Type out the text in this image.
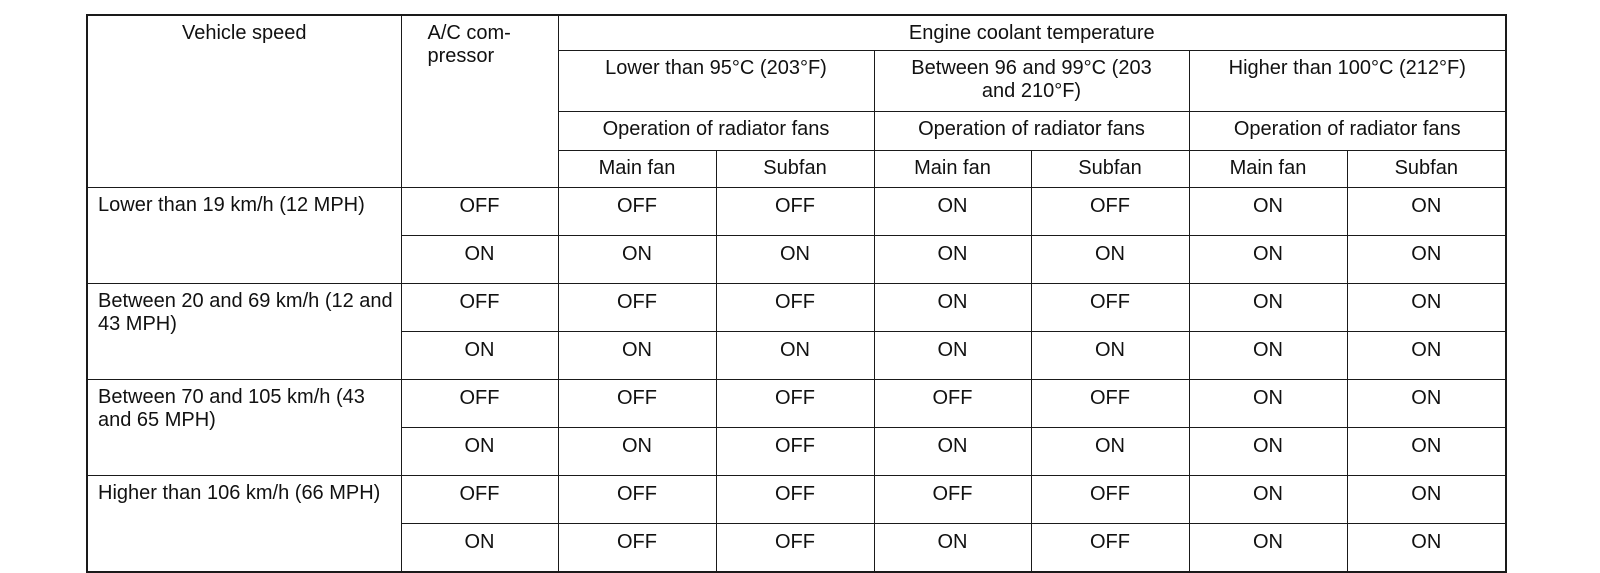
Vehicle speed	A/C com- pressor	Engine coolant temperature					
		Lower than 95°C (203°F)		Between 96 and 99°C (203 and 210°F)		Higher than 100°C (212°F)	
		Operation of radiator fans		Operation of radiator fans		Operation of radiator fans	
		Main fan	Subfan	Main fan	Subfan	Main fan	Subfan
Lower than 19 km/h (12 MPH)	OFF	OFF	OFF	ON	OFF	ON	ON
	ON	ON	ON	ON	ON	ON	ON
Between 20 and 69 km/h (12 and 43 MPH)	OFF	OFF	OFF	ON	OFF	ON	ON
	ON	ON	ON	ON	ON	ON	ON
Between 70 and 105 km/h (43 and 65 MPH)	OFF	OFF	OFF	OFF	OFF	ON	ON
	ON	ON	OFF	ON	ON	ON	ON
Higher than 106 km/h (66 MPH)	OFF	OFF	OFF	OFF	OFF	ON	ON
	ON	OFF	OFF	ON	OFF	ON	ON
